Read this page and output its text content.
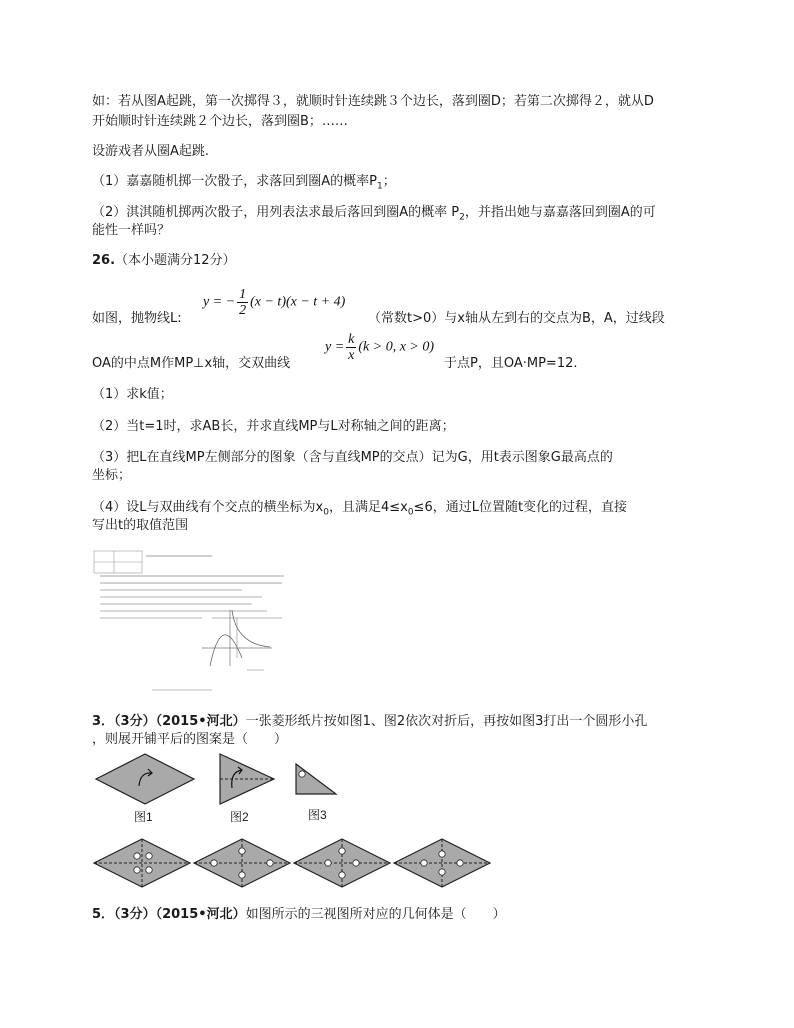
如：若从图A起跳，第一次掷得３，就顺时针连续跳３个边长，落到圈D；若第二次掷得２，就从D
开始顺时针连续跳２个边长，落到圈B；……
设游戏者从圈A起跳.
（1）嘉嘉随机掷一次骰子，求落回到圈A的概率$P_1$；
（2）淇淇随机掷两次骰子，用列表法求最后落回到圈A的概率 $P_2$，并指出她与嘉嘉落回到圈A的可
能性一样吗？
26.（本小题满分12分）
y = − $\frac{1}{2} (x - t)(x - t + 4)$
如图，抛物线L:	（常数t>0）与x轴从左到右的交点为B，A，过线段
$y = \frac{k}{x} (k > 0$, x > 0)
OA的中点M作MP⊥x轴，交双曲线	于点P，且OA·MP=12.
（1）求k值；
（2）当t=1时，求AB长，并求直线MP与L对称轴之间的距离；
（3）把L在直线MP左侧部分的图象（含与直线MP的交点）记为G，用t表示图象G最高点的
坐标；
（4）设L与双曲线有个交点的横坐标为$x_0$，且满足$4\le x_0\le 6$，通过L位置随t变化的过程，直接
写出t的取值范围
3．（3分）（2015•河北）一张菱形纸片按如图1、图2依次对折后，再按如图3打出一个圆形小孔
，则展开铺平后的图案是（　　）
图1	图2	图3
5．（3分）（2015•河北）如图所示的三视图所对应的几何体是（　　）
